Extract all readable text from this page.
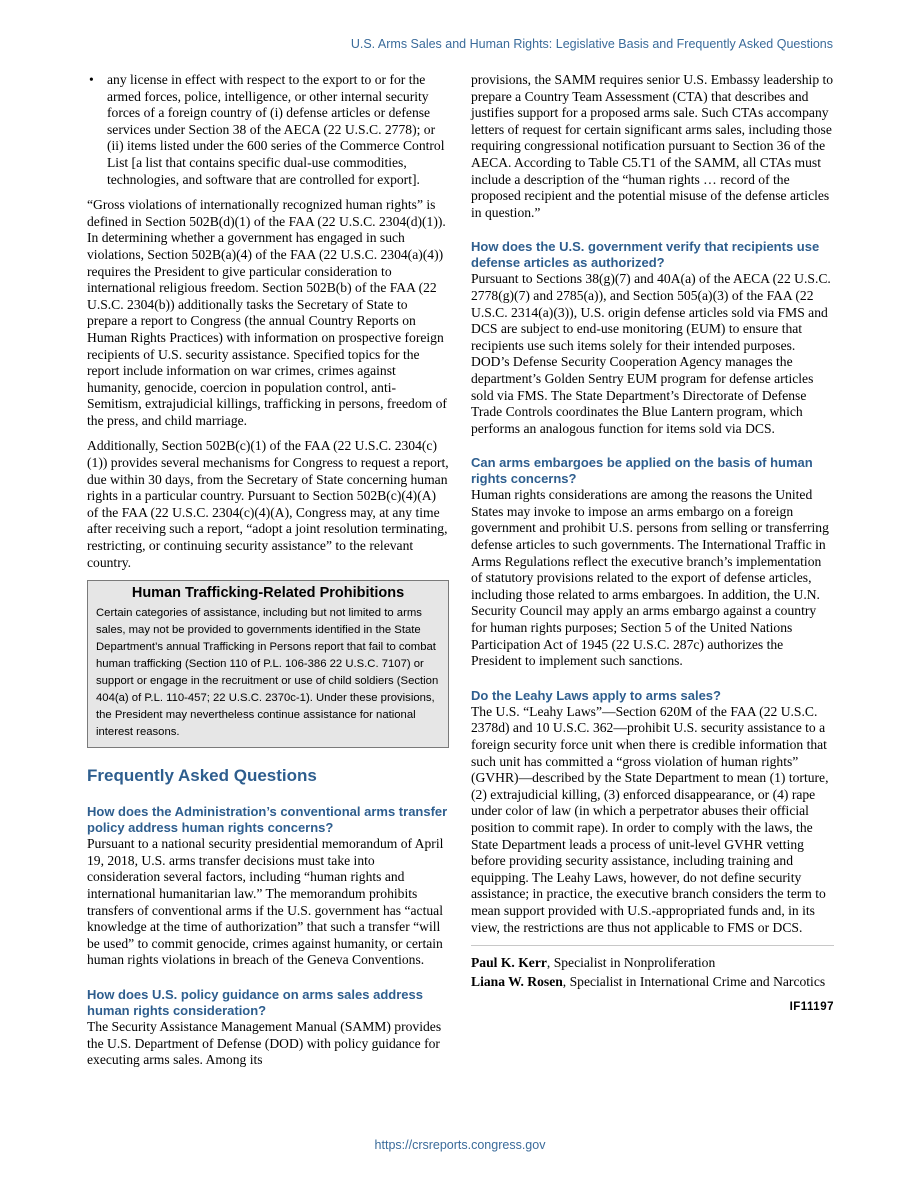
U.S. Arms Sales and Human Rights: Legislative Basis and Frequently Asked Questions
• any license in effect with respect to the export to or for the armed forces, police, intelligence, or other internal security forces of a foreign country of (i) defense articles or defense services under Section 38 of the AECA (22 U.S.C. 2778); or (ii) items listed under the 600 series of the Commerce Control List [a list that contains specific dual-use commodities, technologies, and software that are controlled for export].

“Gross violations of internationally recognized human rights” is defined in Section 502B(d)(1) of the FAA (22 U.S.C. 2304(d)(1)). In determining whether a government has engaged in such violations, Section 502B(a)(4) of the FAA (22 U.S.C. 2304(a)(4)) requires the President to give particular consideration to international religious freedom. Section 502B(b) of the FAA (22 U.S.C. 2304(b)) additionally tasks the Secretary of State to prepare a report to Congress (the annual Country Reports on Human Rights Practices) with information on prospective foreign recipients of U.S. security assistance. Specified topics for the report include information on war crimes, crimes against humanity, genocide, coercion in population control, anti-Semitism, extrajudicial killings, trafficking in persons, freedom of the press, and child marriage.

Additionally, Section 502B(c)(1) of the FAA (22 U.S.C. 2304(c)(1)) provides several mechanisms for Congress to request a report, due within 30 days, from the Secretary of State concerning human rights in a particular country. Pursuant to Section 502B(c)(4)(A) of the FAA (22 U.S.C. 2304(c)(4)(A), Congress may, at any time after receiving such a report, “adopt a joint resolution terminating, restricting, or continuing security assistance” to the relevant country.

Human Trafficking-Related Prohibitions

Certain categories of assistance, including but not limited to arms sales, may not be provided to governments identified in the State Department’s annual Trafficking in Persons report that fail to combat human trafficking (Section 110 of P.L. 106-386 22 U.S.C. 7107) or support or engage in the recruitment or use of child soldiers (Section 404(a) of P.L. 110-457; 22 U.S.C. 2370c-1). Under these provisions, the President may nevertheless continue assistance for national interest reasons.

Frequently Asked Questions
How does the Administration’s conventional arms transfer policy address human rights concerns?

Pursuant to a national security presidential memorandum of April 19, 2018, U.S. arms transfer decisions must take into consideration several factors, including “human rights and international humanitarian law.” The memorandum prohibits transfers of conventional arms if the U.S. government has “actual knowledge at the time of authorization” that such a transfer “will be used” to commit genocide, crimes against humanity, or certain human rights violations in breach of the Geneva Conventions.

How does U.S. policy guidance on arms sales address human rights consideration?

The Security Assistance Management Manual (SAMM) provides the U.S. Department of Defense (DOD) with policy guidance for executing arms sales. Among its

provisions, the SAMM requires senior U.S. Embassy leadership to prepare a Country Team Assessment (CTA) that describes and justifies support for a proposed arms sale. Such CTAs accompany letters of request for certain significant arms sales, including those requiring congressional notification pursuant to Section 36 of the AECA. According to Table C5.T1 of the SAMM, all CTAs must include a description of the “human rights … record of the proposed recipient and the potential misuse of the defense articles in question.”

How does the U.S. government verify that recipients use defense articles as authorized?

Pursuant to Sections 38(g)(7) and 40A(a) of the AECA (22 U.S.C. 2778(g)(7) and 2785(a)), and Section 505(a)(3) of the FAA (22 U.S.C. 2314(a)(3)), U.S. origin defense articles sold via FMS and DCS are subject to end-use monitoring (EUM) to ensure that recipients use such items solely for their intended purposes. DOD’s Defense Security Cooperation Agency manages the department’s Golden Sentry EUM program for defense articles sold via FMS. The State Department’s Directorate of Defense Trade Controls coordinates the Blue Lantern program, which performs an analogous function for items sold via DCS.

Can arms embargoes be applied on the basis of human rights concerns?

Human rights considerations are among the reasons the United States may invoke to impose an arms embargo on a foreign government and prohibit U.S. persons from selling or transferring defense articles to such governments. The International Traffic in Arms Regulations reflect the executive branch’s implementation of statutory provisions related to the export of defense articles, including those related to arms embargoes. In addition, the U.N. Security Council may apply an arms embargo against a country for human rights purposes; Section 5 of the United Nations Participation Act of 1945 (22 U.S.C. 287c) authorizes the President to implement such sanctions.

Do the Leahy Laws apply to arms sales?

The U.S. “Leahy Laws”—Section 620M of the FAA (22 U.S.C. 2378d) and 10 U.S.C. 362—prohibit U.S. security assistance to a foreign security force unit when there is credible information that such unit has committed a “gross violation of human rights” (GVHR)—described by the State Department to mean (1) torture, (2) extrajudicial killing, (3) enforced disappearance, or (4) rape under color of law (in which a perpetrator abuses their official position to commit rape). In order to comply with the laws, the State Department leads a process of unit-level GVHR vetting before providing security assistance, including training and equipping. The Leahy Laws, however, do not define security assistance; in practice, the executive branch considers the term to mean support provided with U.S.-appropriated funds and, in its view, the restrictions are thus not applicable to FMS or DCS.

Paul K. Kerr, Specialist in Nonproliferation
Liana W. Rosen, Specialist in International Crime and Narcotics
IF11197
https://crsreports.congress.gov
